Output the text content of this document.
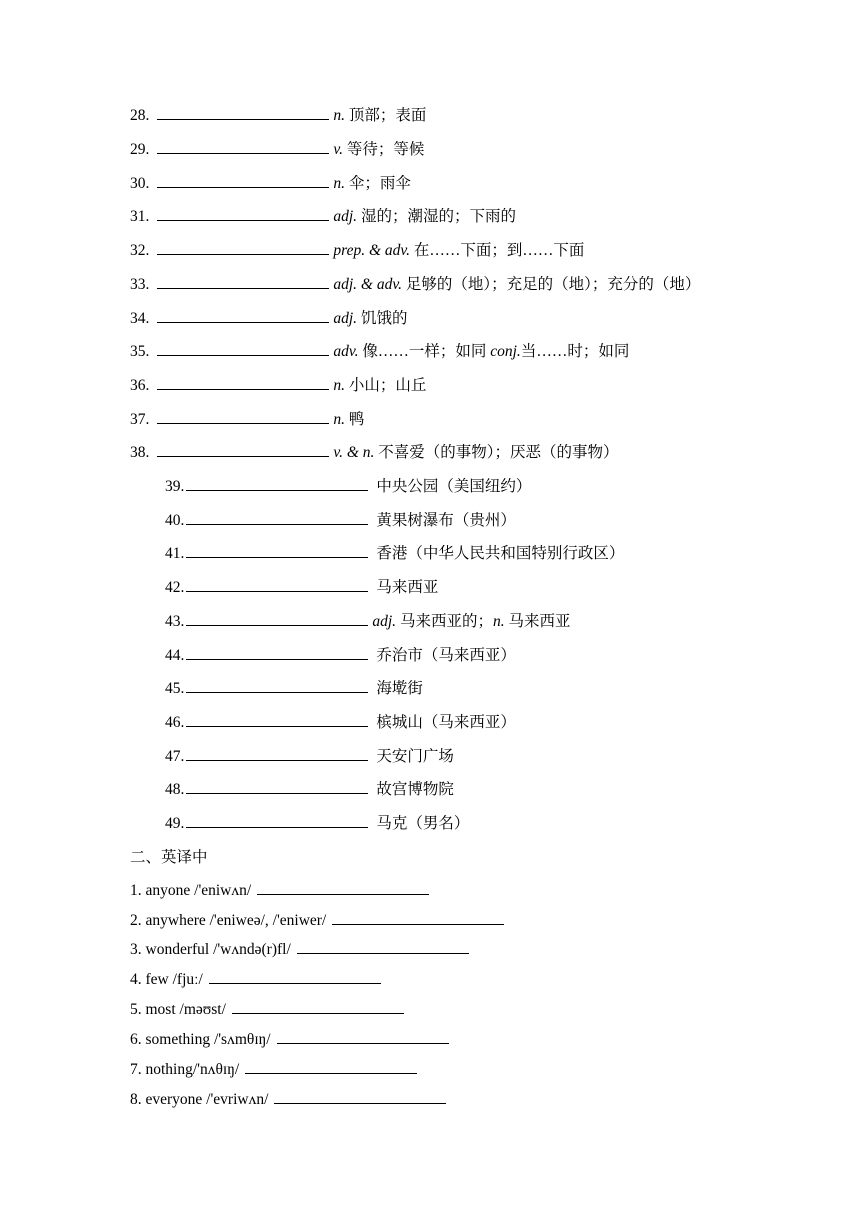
28.	n. 顶部；表面
29.	v. 等待；等候
30.	n. 伞；雨伞
31.	adj. 湿的；潮湿的；下雨的
32.	prep. & adv. 在……下面；到……下面
33.	adj. & adv. 足够的（地）；充足的（地）；充分的（地）
34.	adj. 饥饿的
35.	adv. 像……一样；如同 conj.当……时；如同
36.	n. 小山；山丘
37.	n. 鸭
38.	v. & n. 不喜爱（的事物）；厌恶（的事物）
39.	中央公园（美国纽约）
40.	黄果树瀑布（贵州）
41.	香港（中华人民共和国特别行政区）
42.	马来西亚
43.	adj. 马来西亚的；n. 马来西亚
44.	乔治市（马来西亚）
45.	海墘街
46.	槟城山（马来西亚）
47.	天安门广场
48.	故宫博物院
49.	马克（男名）
二、英译中
1. anyone /'eniwʌn/
2. anywhere /'eniweə/, /'eniwer/
3. wonderful /'wʌndə(r)fl/
4. few /fjuː/
5. most /məʊst/
6. something /'sʌmθɪŋ/
7. nothing/'nʌθɪŋ/
8. everyone /'evriwʌn/
